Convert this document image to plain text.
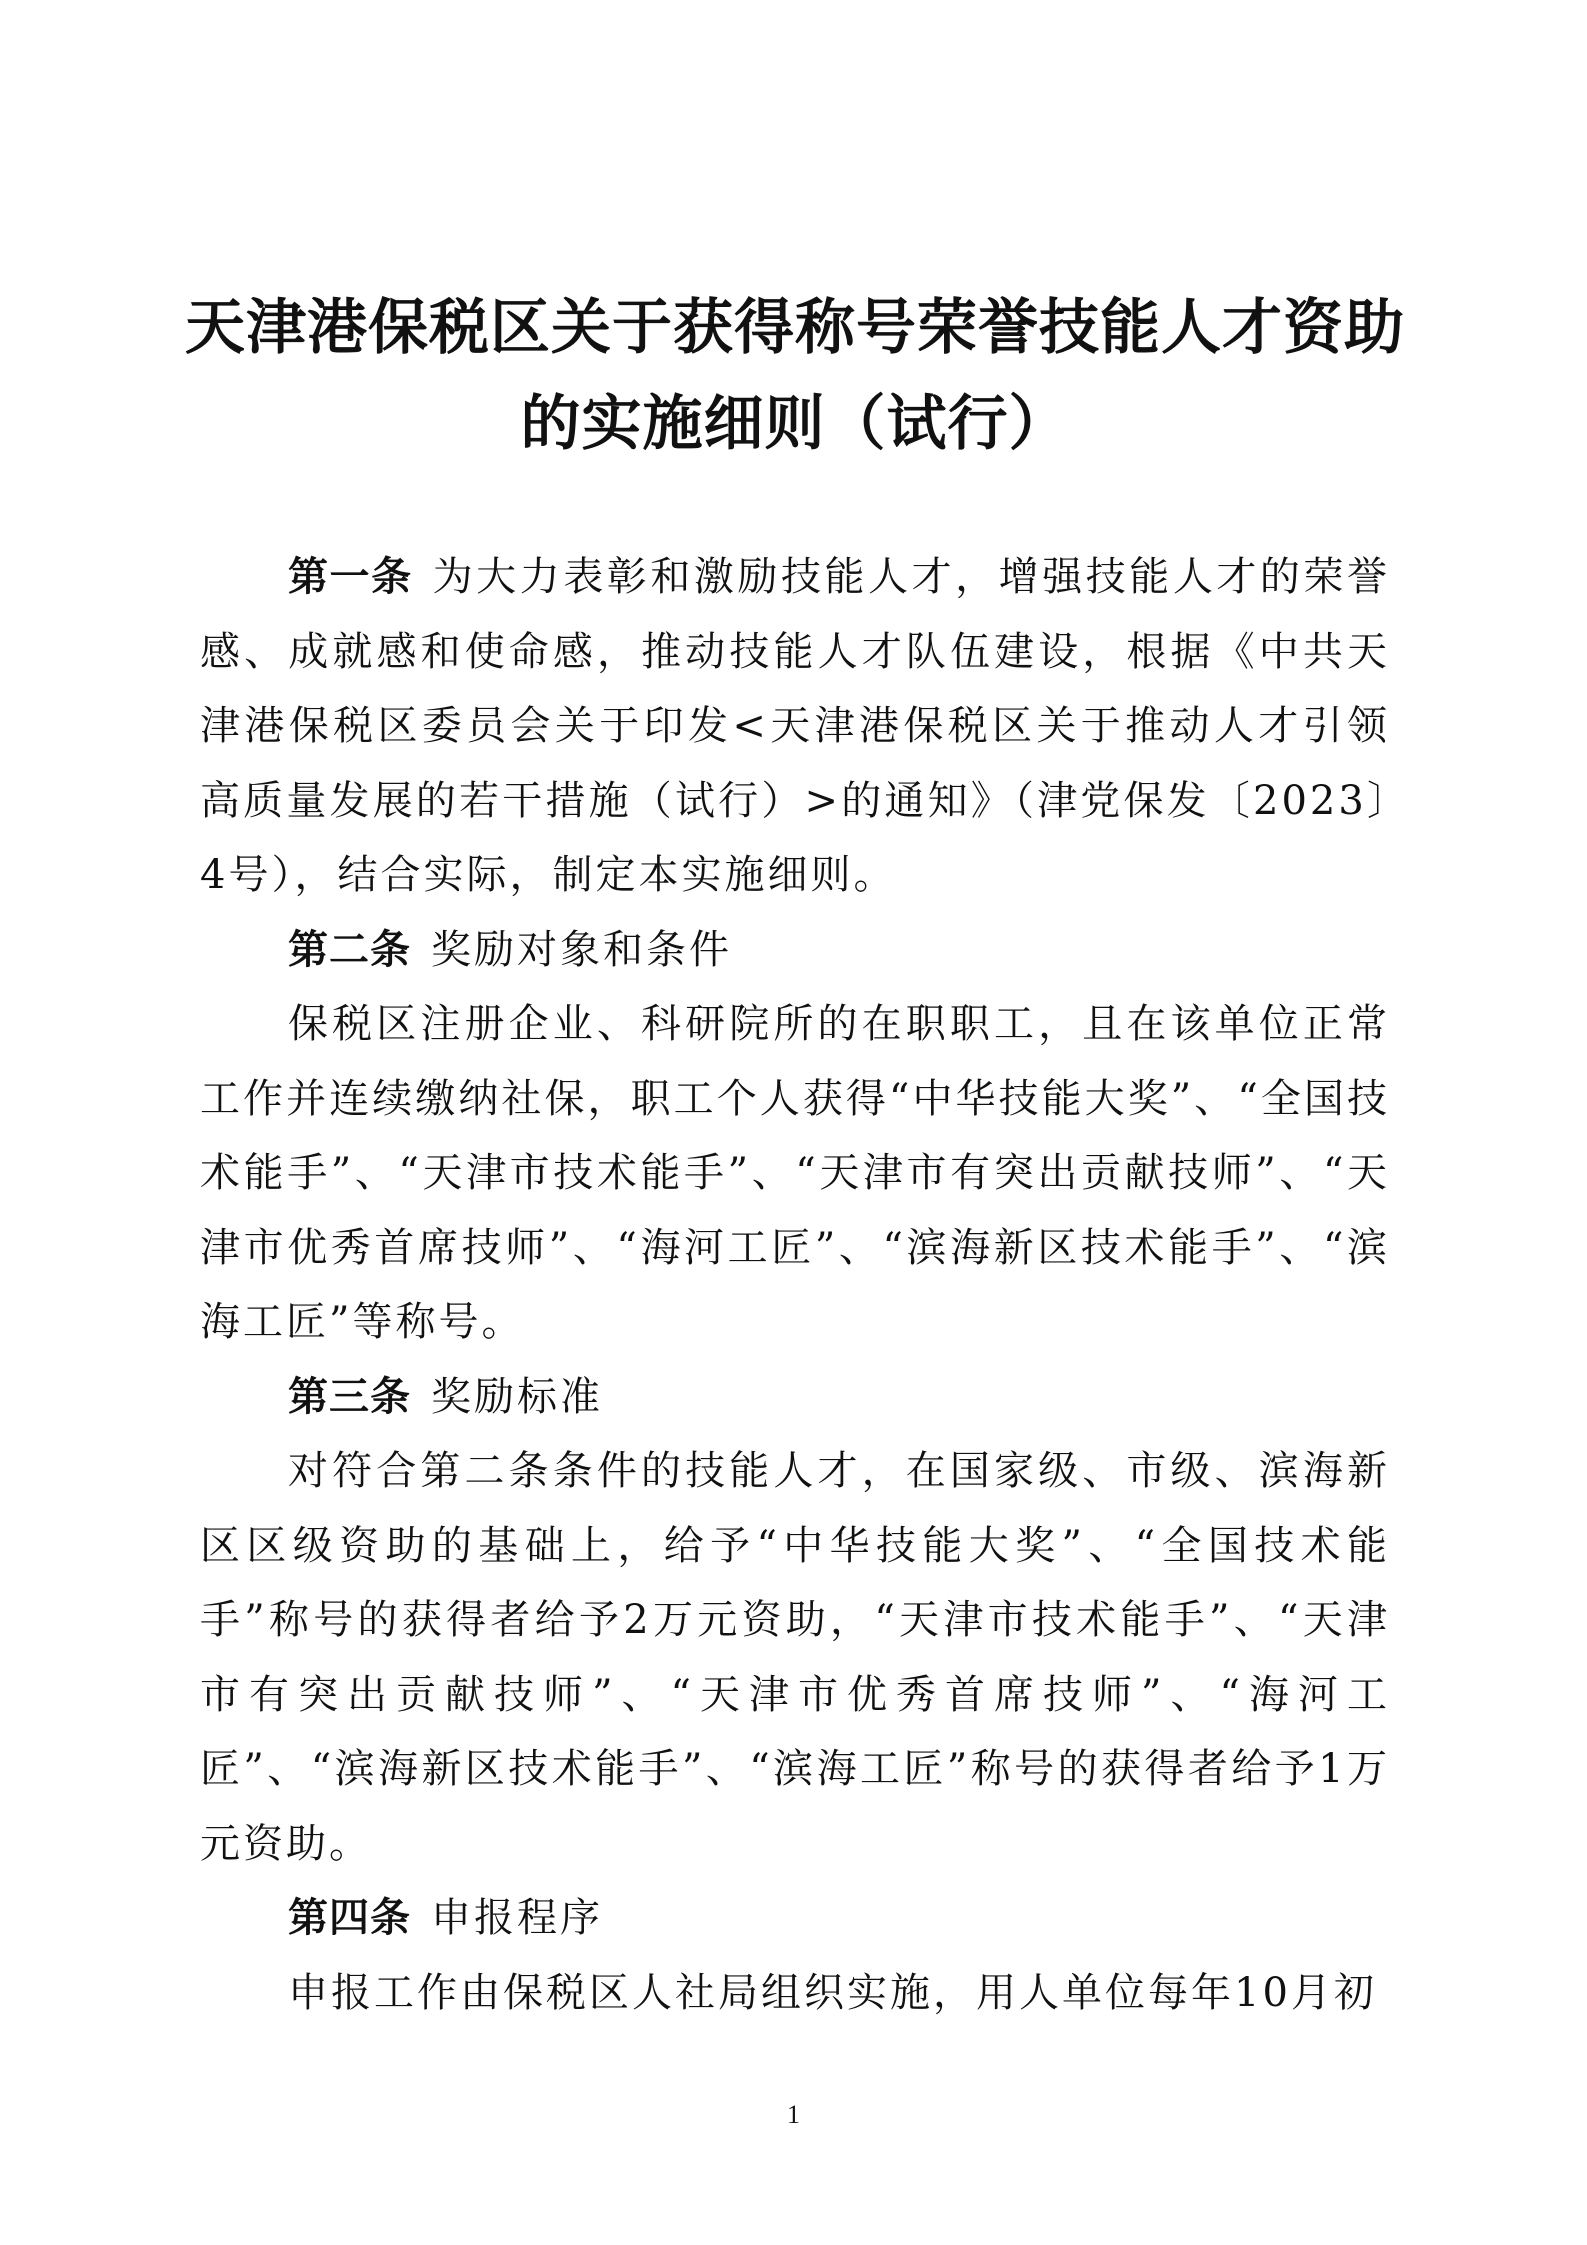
天津港保税区关于获得称号荣誉技能人才资助
的实施细则（试行）

第一条 为大力表彰和激励技能人才，增强技能人才的荣誉感、成就感和使命感，推动技能人才队伍建设，根据《中共天津港保税区委员会关于印发<天津港保税区关于推动人才引领高质量发展的若干措施（试行）>的通知》（津党保发〔2023〕4号），结合实际，制定本实施细则。

第二条 奖励对象和条件

保税区注册企业、科研院所的在职职工，且在该单位正常工作并连续缴纳社保，职工个人获得“中华技能大奖”、“全国技术能手”、“天津市技术能手”、“天津市有突出贡献技师”、“天津市优秀首席技师”、“海河工匠”、“滨海新区技术能手”、“滨海工匠”等称号。

第三条 奖励标准

对符合第二条条件的技能人才，在国家级、市级、滨海新区区级资助的基础上，给予“中华技能大奖”、“全国技术能手”称号的获得者给予2万元资助，“天津市技术能手”、“天津市有突出贡献技师”、“天津市优秀首席技师”、“海河工匠”、“滨海新区技术能手”、“滨海工匠”称号的获得者给予1万元资助。

第四条 申报程序

申报工作由保税区人社局组织实施，用人单位每年10月初

1
